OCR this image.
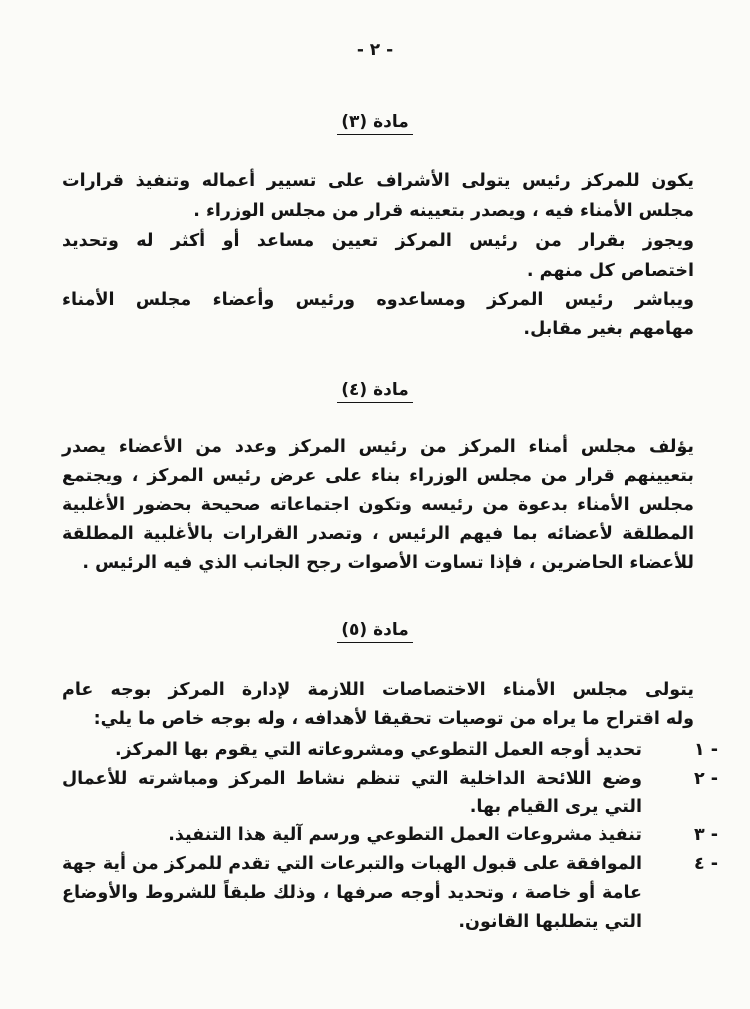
- ٢ -
مادة (٣)
يكون للمركز رئيس يتولى الأشراف على تسيير أعماله وتنفيذ قرارات
مجلس الأمناء فيه ، ويصدر بتعيينه قرار من مجلس الوزراء .
ويجوز بقرار من رئيس المركز تعيين مساعد أو أكثر له وتحديد
اختصاص كل منهم .
ويباشر رئيس المركز ومساعدوه ورئيس وأعضاء مجلس الأمناء
مهامهم بغير مقابل.
مادة (٤)
يؤلف مجلس أمناء المركز من رئيس المركز وعدد من الأعضاء يصدر
بتعيينهم قرار من مجلس الوزراء بناء على عرض رئيس المركز ، ويجتمع
مجلس الأمناء بدعوة من رئيسه وتكون اجتماعاته صحيحة بحضور الأغلبية
المطلقة لأعضائه بما فيهم الرئيس ، وتصدر القرارات بالأغلبية المطلقة
للأعضاء الحاضرين ، فإذا تساوت الأصوات رجح الجانب الذي فيه الرئيس .
مادة (٥)
يتولى مجلس الأمناء الاختصاصات اللازمة لإدارة المركز بوجه عام
وله اقتراح ما يراه من توصيات تحقيقا لأهدافه ، وله بوجه خاص ما يلي:
١ -
تحديد أوجه العمل التطوعي ومشروعاته التي يقوم بها المركز.
٢ -
وضع اللائحة الداخلية التي تنظم نشاط المركز ومباشرته للأعمال
التي يرى القيام بها.
٣ -
تنفيذ مشروعات العمل التطوعي ورسم آلية هذا التنفيذ.
٤ -
الموافقة على قبول الهبات والتبرعات التي تقدم للمركز من أية جهة
عامة أو خاصة ، وتحديد أوجه صرفها ، وذلك طبقاً للشروط والأوضاع
التي يتطلبها القانون.
